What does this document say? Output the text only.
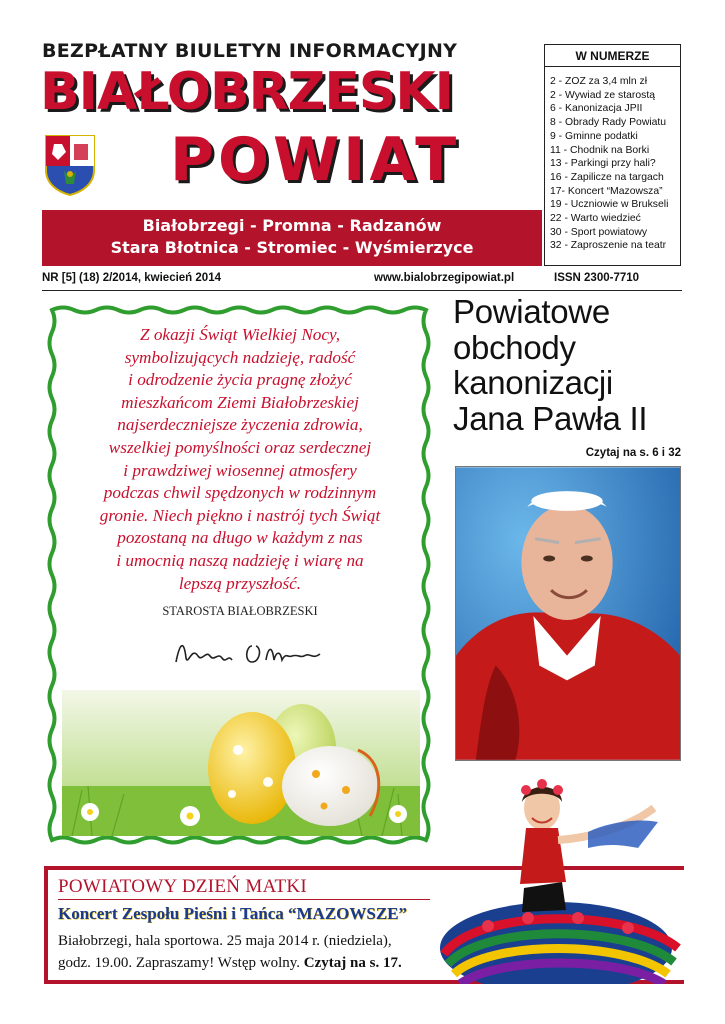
BEZPŁATNY BIULETYN INFORMACYJNY
BIAŁOBRZESKI
POWIAT
Białobrzegi - Promna - Radzanów
Stara Błotnica - Stromiec - Wyśmierzyce
W NUMERZE
2 - ZOZ za 3,4 mln zł
2 - Wywiad ze starostą
6 - Kanonizacja JPII
8 - Obrady Rady Powiatu
9 - Gminne podatki
11 - Chodnik na Borki
13 - Parkingi przy hali?
16 - Zapilicze na targach
17- Koncert “Mazowsza”
19 - Uczniowie w Brukseli
22 - Warto wiedzieć
30 - Sport powiatowy
32 - Zaproszenie na teatr
NR [5] (18) 2/2014, kwiecień 2014	www.bialobrzegipowiat.pl	ISSN 2300-7710
Z okazji Świąt Wielkiej Nocy,
symbolizujących nadzieję, radość
i odrodzenie życia pragnę złożyć
mieszkańcom Ziemi Białobrzeskiej
najserdeczniejsze życzenia zdrowia,
wszelkiej pomyślności oraz serdecznej
i prawdziwej wiosennej atmosfery
podczas chwil spędzonych w rodzinnym
gronie. Niech piękno i nastrój tych Świąt
pozostaną na długo w każdym z nas
i umocnią naszą nadzieję i wiarę na
lepszą przyszłość.
STAROSTA BIAŁOBRZESKI
Powiatowe
obchody
kanonizacji
Jana Pawła II
Czytaj na s. 6 i 32
POWIATOWY DZIEŃ MATKI
Koncert Zespołu Pieśni i Tańca “MAZOWSZE”
Białobrzegi, hala sportowa. 25 maja 2014 r. (niedziela),
godz. 19.00. Zapraszamy! Wstęp wolny. Czytaj na s. 17.
